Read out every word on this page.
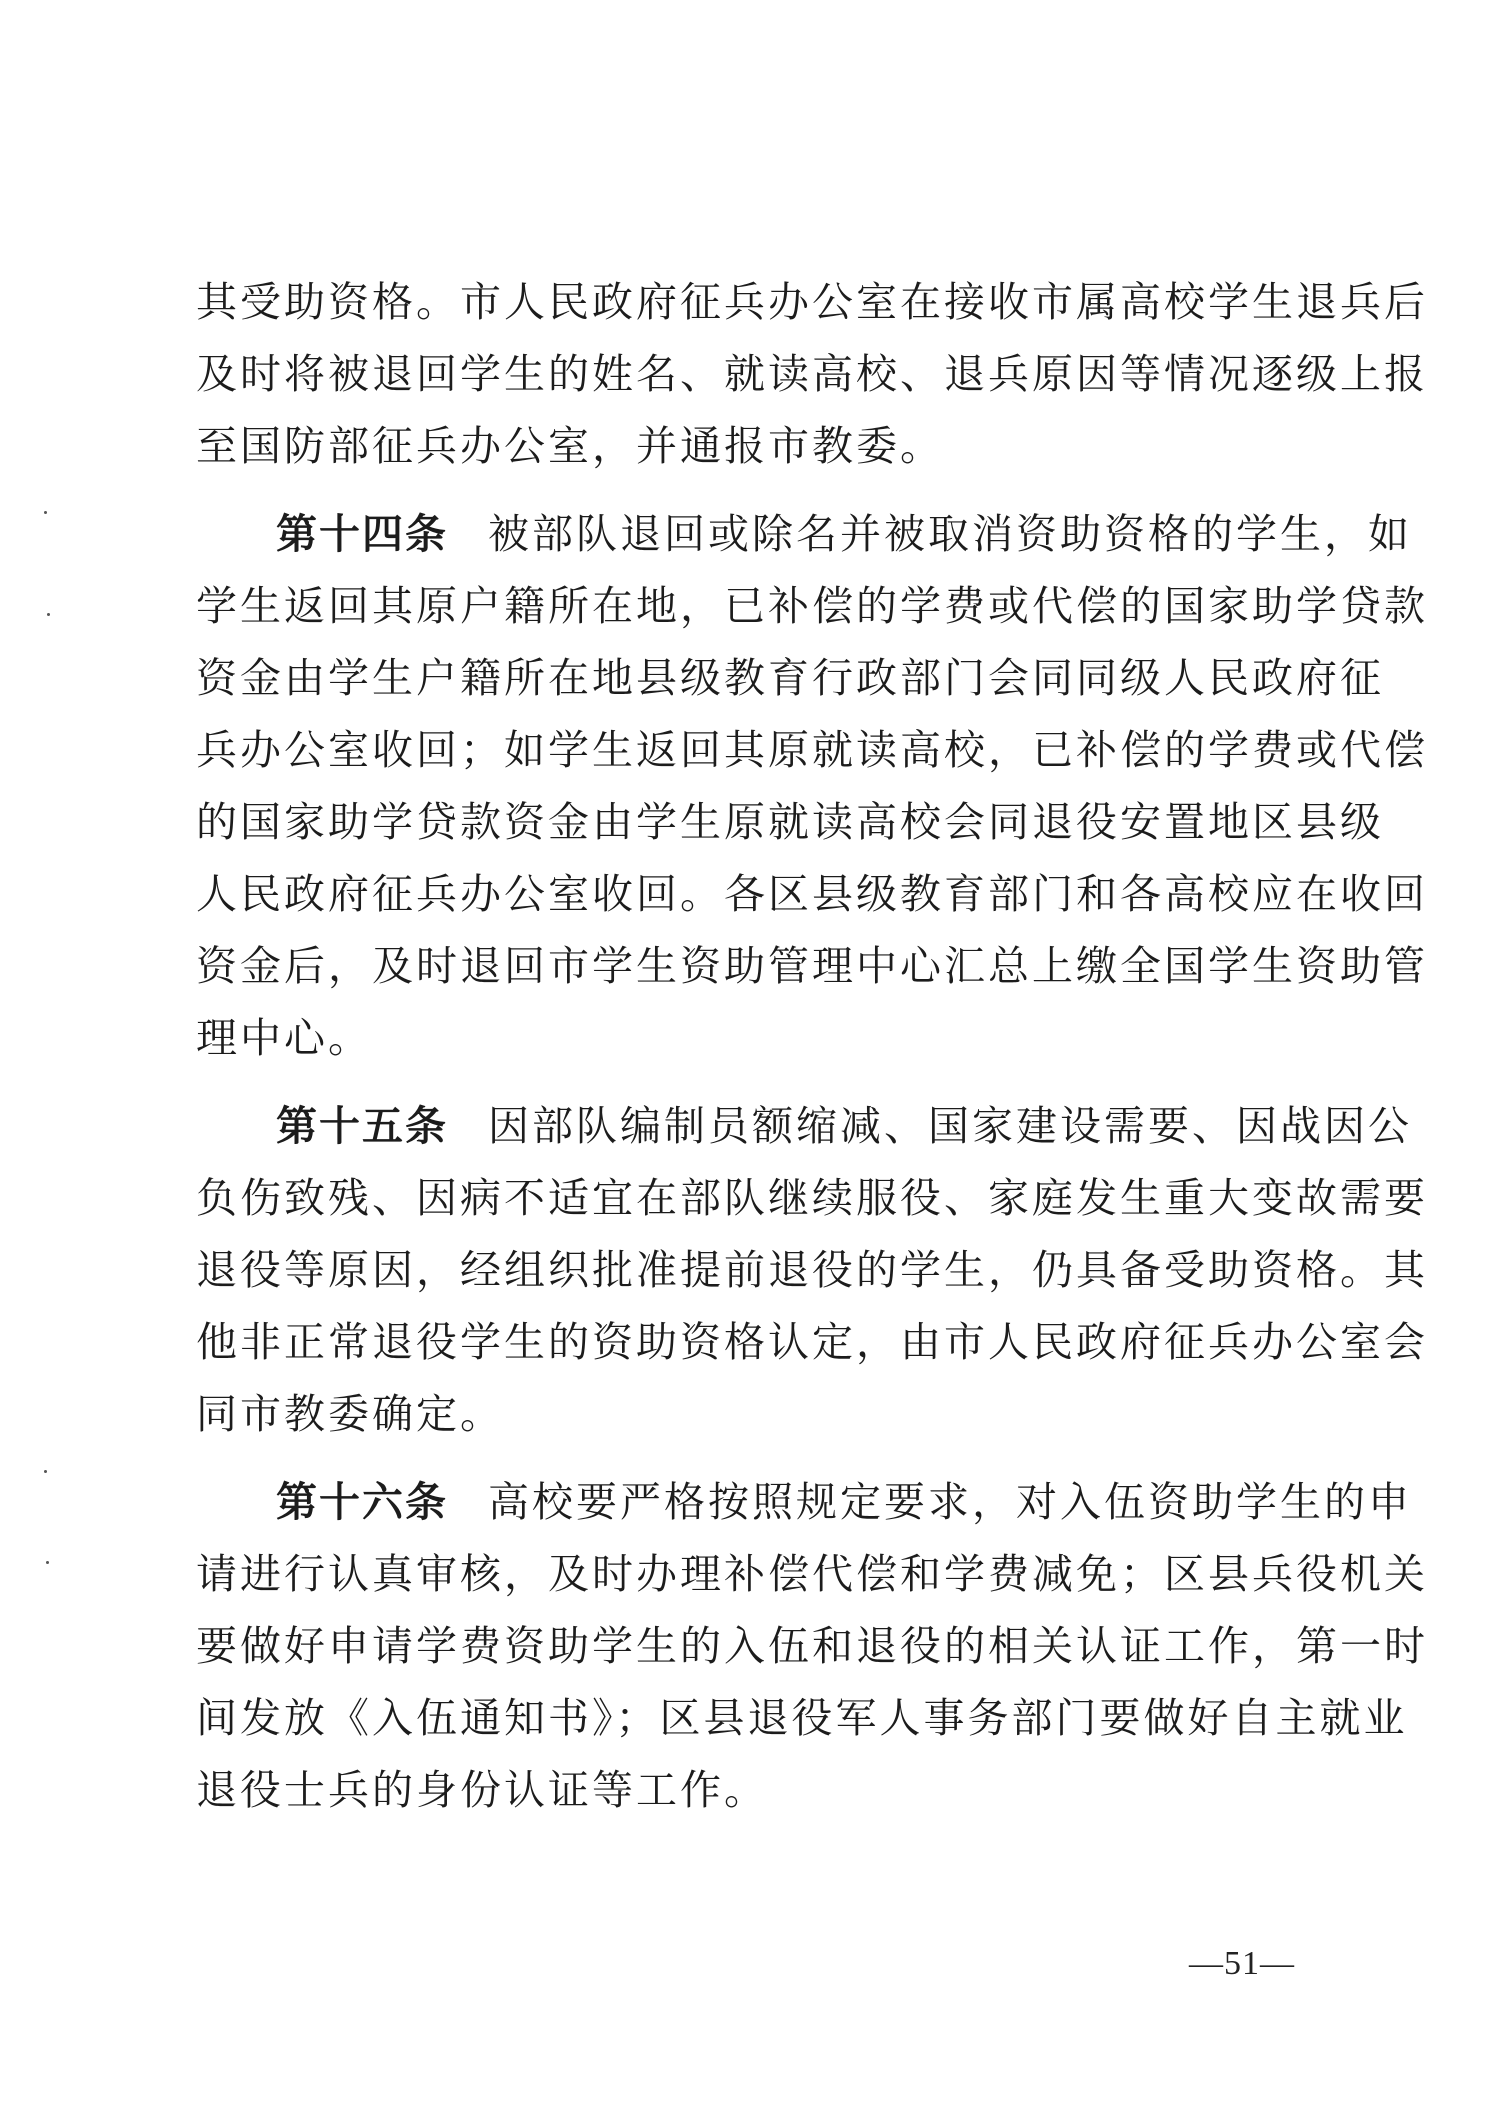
其受助资格。市人民政府征兵办公室在接收市属高校学生退兵后
及时将被退回学生的姓名、就读高校、退兵原因等情况逐级上报
至国防部征兵办公室，并通报市教委。
第十四条 被部队退回或除名并被取消资助资格的学生，如
学生返回其原户籍所在地，已补偿的学费或代偿的国家助学贷款
资金由学生户籍所在地县级教育行政部门会同同级人民政府征
兵办公室收回；如学生返回其原就读高校，已补偿的学费或代偿
的国家助学贷款资金由学生原就读高校会同退役安置地区县级
人民政府征兵办公室收回。各区县级教育部门和各高校应在收回
资金后，及时退回市学生资助管理中心汇总上缴全国学生资助管
理中心。
第十五条 因部队编制员额缩减、国家建设需要、因战因公
负伤致残、因病不适宜在部队继续服役、家庭发生重大变故需要
退役等原因，经组织批准提前退役的学生，仍具备受助资格。其
他非正常退役学生的资助资格认定，由市人民政府征兵办公室会
同市教委确定。
第十六条 高校要严格按照规定要求，对入伍资助学生的申
请进行认真审核，及时办理补偿代偿和学费减免；区县兵役机关
要做好申请学费资助学生的入伍和退役的相关认证工作，第一时
间发放《入伍通知书》；区县退役军人事务部门要做好自主就业
退役士兵的身份认证等工作。
—51—
